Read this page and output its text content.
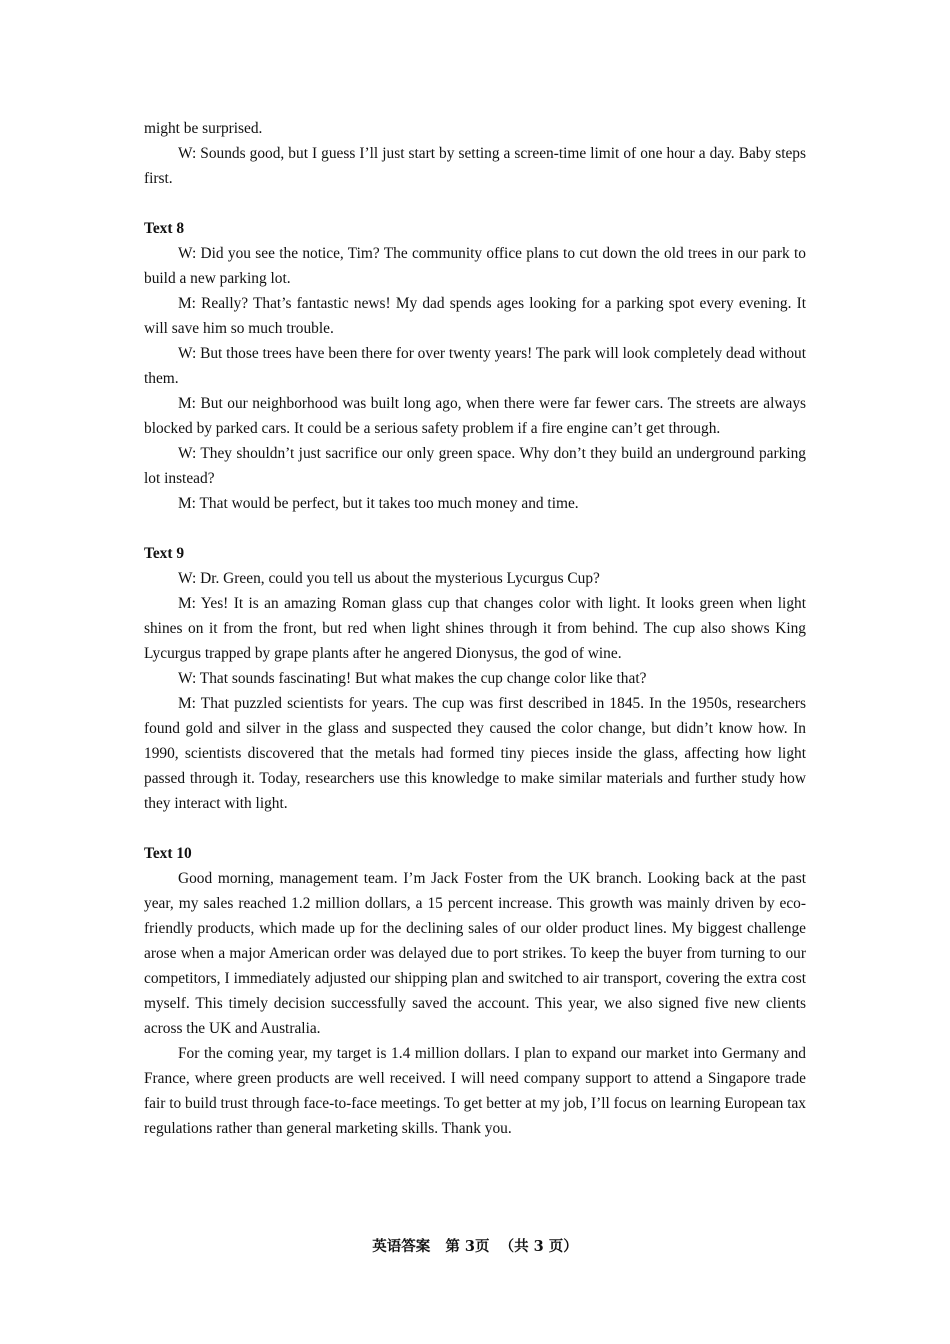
might be surprised.

W: Sounds good, but I guess I’ll just start by setting a screen-time limit of one hour a day. Baby steps first.

Text 8

W: Did you see the notice, Tim? The community office plans to cut down the old trees in our park to build a new parking lot.

M: Really? That’s fantastic news! My dad spends ages looking for a parking spot every evening. It will save him so much trouble.

W: But those trees have been there for over twenty years! The park will look completely dead without them.

M: But our neighborhood was built long ago, when there were far fewer cars. The streets are always blocked by parked cars. It could be a serious safety problem if a fire engine can’t get through.

W: They shouldn’t just sacrifice our only green space. Why don’t they build an underground parking lot instead?

M: That would be perfect, but it takes too much money and time.

Text 9

W: Dr. Green, could you tell us about the mysterious Lycurgus Cup?

M: Yes! It is an amazing Roman glass cup that changes color with light. It looks green when light shines on it from the front, but red when light shines through it from behind. The cup also shows King Lycurgus trapped by grape plants after he angered Dionysus, the god of wine.

W: That sounds fascinating! But what makes the cup change color like that?

M: That puzzled scientists for years. The cup was first described in 1845. In the 1950s, researchers found gold and silver in the glass and suspected they caused the color change, but didn’t know how. In 1990, scientists discovered that the metals had formed tiny pieces inside the glass, affecting how light passed through it. Today, researchers use this knowledge to make similar materials and further study how they interact with light.

Text 10

Good morning, management team. I’m Jack Foster from the UK branch. Looking back at the past year, my sales reached 1.2 million dollars, a 15 percent increase. This growth was mainly driven by eco-friendly products, which made up for the declining sales of our older product lines. My biggest challenge arose when a major American order was delayed due to port strikes. To keep the buyer from turning to our competitors, I immediately adjusted our shipping plan and switched to air transport, covering the extra cost myself. This timely decision successfully saved the account. This year, we also signed five new clients across the UK and Australia.

For the coming year, my target is 1.4 million dollars. I plan to expand our market into Germany and France, where green products are well received. I will need company support to attend a Singapore trade fair to build trust through face-to-face meetings. To get better at my job, I’ll focus on learning European tax regulations rather than general marketing skills. Thank you.

英语答案 第 3页 （共 3 页）
